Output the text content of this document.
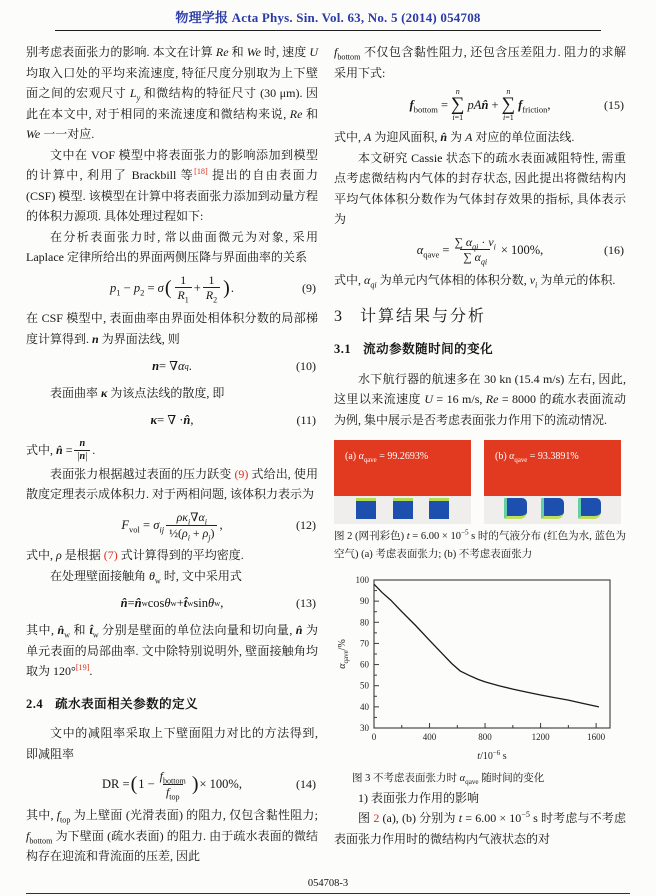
物理学报 Acta Phys. Sin. Vol. 63, No. 5 (2014) 054708

别考虑表面张力的影响. 本文在计算 Re 和 We 时, 速度 U 均取入口处的平均来流速度, 特征尺度分别取为上下壁面之间的宏观尺寸 $L_y$ 和微结构的特征尺寸 (30 μm). 因此在本文中, 对于相同的来流速度和微结构来说, Re 和 We 一一对应.

文中在 VOF 模型中将表面张力的影响添加到模型的计算中, 利用了 Brackbill 等[18] 提出的自由表面力 (CSF) 模型. 该模型在计算中将表面张力添加到动量方程的体积力源项. 具体处理过程如下:

在分析表面张力时, 常以曲面微元为对象, 采用 Laplace 定律所给出的界面两侧压降与界面曲率的关系

$p_1 - p_2 = \sigma$ ( $\frac{1}{R_1} + \frac{1}{R_2}$ ) .	(9)

在 CSF 模型中, 表面曲率由界面处相体积分数的局部梯度计算得到. n 为界面法线, 则

n = ∇ α q .	(10)

表面曲率 κ 为该点法线的散度, 即

κ = ∇ · n̂ ,	(11)
式中, n̂ = $\frac{n}{|n|}$ .

表面张力根据越过表面的压力跃变 (9) 式给出, 使用散度定理表示成体积力. 对于两相问题, 该体积力表示为

$F_{vol} = \sigma_{ij} \frac{\rho\kappa_i\nabla\alpha_i}{\frac{1}{2}(\rho_i + \rho_j)}$ ,	(12)

式中, ρ 是根据 (7) 式计算得到的平均密度.

在处理壁面接触角 $\theta_w$ 时, 文中采用式

n̂ = n̂ w cos θ w + t̂ w sin θ w ,	(13)

其中, $n̂_w$ 和 $t̂_w$ 分别是壁面的单位法向量和切向量, n̂ 为单元表面的局部曲率. 文中除特别说明外, 壁面接触角均取为 120°[19].

2.4 疏水表面相关参数的定义

文中的减阻率采取上下壁面阻力对比的方法得到, 即减阻率

DR = ( $1 - \frac{f_{bottom}}{f_{top}}$ ) × 100%,	(14)

其中, $f_{top}$ 为上壁面 (光滑表面) 的阻力, 仅包含黏性阻力; $f_{bottom}$ 为下壁面 (疏水表面) 的阻力. 由于疏水表面的微结构存在迎流和背流面的压差, 因此

$f_{bottom}$ 不仅包含黏性阻力, 还包含压差阻力. 阻力的求解采用下式:

$f_{bottom}$ =
n
∑
i=1
pAn̂ +
n
∑
i=1
$f_{friction}$,	(15)

式中, A 为迎风面积, n̂ 为 A 对应的单位面法线.

本文研究 Cassie 状态下的疏水表面减阻特性, 需重点考虑微结构内气体的封存状态, 因此提出将微结构内平均气体体积分数作为气体封存效果的指标, 具体表示为

$\alpha_{qave} = \frac{\sum \alpha_{qi} \cdot v_i}{\sum \alpha_{qi}} \times 100\%$,	(16)

式中, $\alpha_{qi}$ 为单元内气体相的体积分数, $v_i$ 为单元的体积.

3 计算结果与分析
3.1 流动参数随时间的变化

水下航行器的航速多在 30 kn (15.4 m/s) 左右, 因此, 这里以来流速度 U = 16 m/s, Re = 8000 的疏水表面流动为例, 集中展示是否考虑表面张力作用下的流动情况.

(a) $\alpha_{qave} = 99.2693\%$	(b) $\alpha_{qave} = 93.3891\%$
图 2 (网刊彩色) $t = 6.00 \times 10^{-5}$ s 时的气液分布 (红色为水, 蓝色为空气) (a) 考虑表面张力; (b) 不考虑表面张力
0	400	800	1200	1600
30
40
50
60
70
80
90
100
$t/10^{-6}$ s
$\alpha_{qave}/\%$
图 3 不考虑表面张力时 $\alpha_{qave}$ 随时间的变化

1) 表面张力作用的影响

图 2 (a), (b) 分别为 $t = 6.00 \times 10^{-5}$ s 时考虑与不考虑表面张力作用时的微结构内气液状态的对

054708-3
